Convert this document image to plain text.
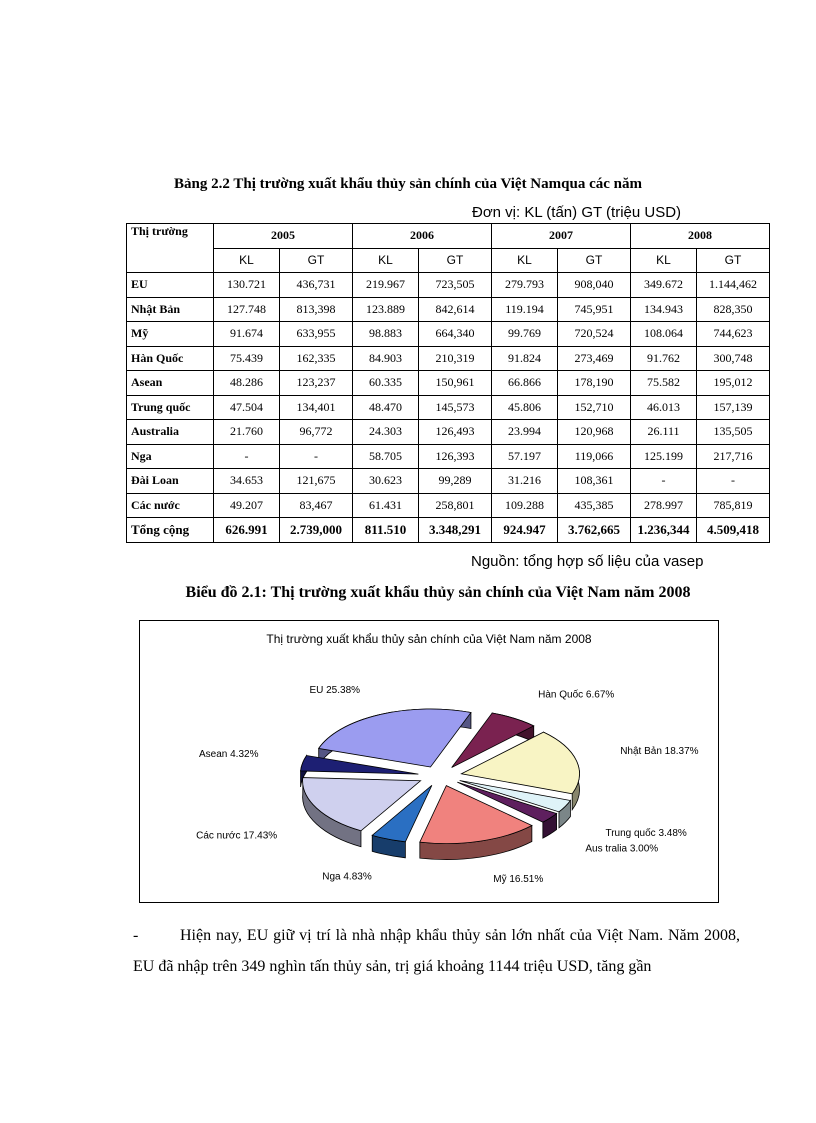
Bảng 2.2 Thị trường xuất khẩu thủy sản chính của Việt Namqua các năm
Đơn vị: KL (tấn) GT (triệu USD)
Thị trường	2005		2006		2007		2008	
	KL	GT	KL	GT	KL	GT	KL	GT
EU	130.721	436,731	219.967	723,505	279.793	908,040	349.672	1.144,462
Nhật Bản	127.748	813,398	123.889	842,614	119.194	745,951	134.943	828,350
Mỹ	91.674	633,955	98.883	664,340	99.769	720,524	108.064	744,623
Hàn Quốc	75.439	162,335	84.903	210,319	91.824	273,469	91.762	300,748
Asean	48.286	123,237	60.335	150,961	66.866	178,190	75.582	195,012
Trung quốc	47.504	134,401	48.470	145,573	45.806	152,710	46.013	157,139
Australia	21.760	96,772	24.303	126,493	23.994	120,968	26.111	135,505
Nga	-	-	58.705	126,393	57.197	119,066	125.199	217,716
Đài Loan	34.653	121,675	30.623	99,289	31.216	108,361	-	-
Các nước	49.207	83,467	61.431	258,801	109.288	435,385	278.997	785,819
Tổng cộng	626.991	2.739,000	811.510	3.348,291	924.947	3.762,665	1.236,344	4.509,418
Nguồn: tổng hợp số liệu của vasep
Biểu đồ 2.1: Thị trường xuất khẩu thủy sản chính của Việt Nam năm 2008
Thị trường xuất khẩu thủy sản chính của Việt Nam năm 2008
Hàn Quốc 6.67%
Nhật Bản 18.37%
Trung quốc 3.48%
Aus tralia 3.00%
Mỹ 16.51%
Nga 4.83%
Các nước 17.43%
Asean 4.32%
EU 25.38%
-	Hiện nay, EU giữ vị trí là nhà nhập khẩu thủy sản lớn nhất của Việt Nam. Năm 2008, EU đã nhập trên 349 nghìn tấn thủy sản, trị giá khoảng 1144 triệu USD, tăng gần
